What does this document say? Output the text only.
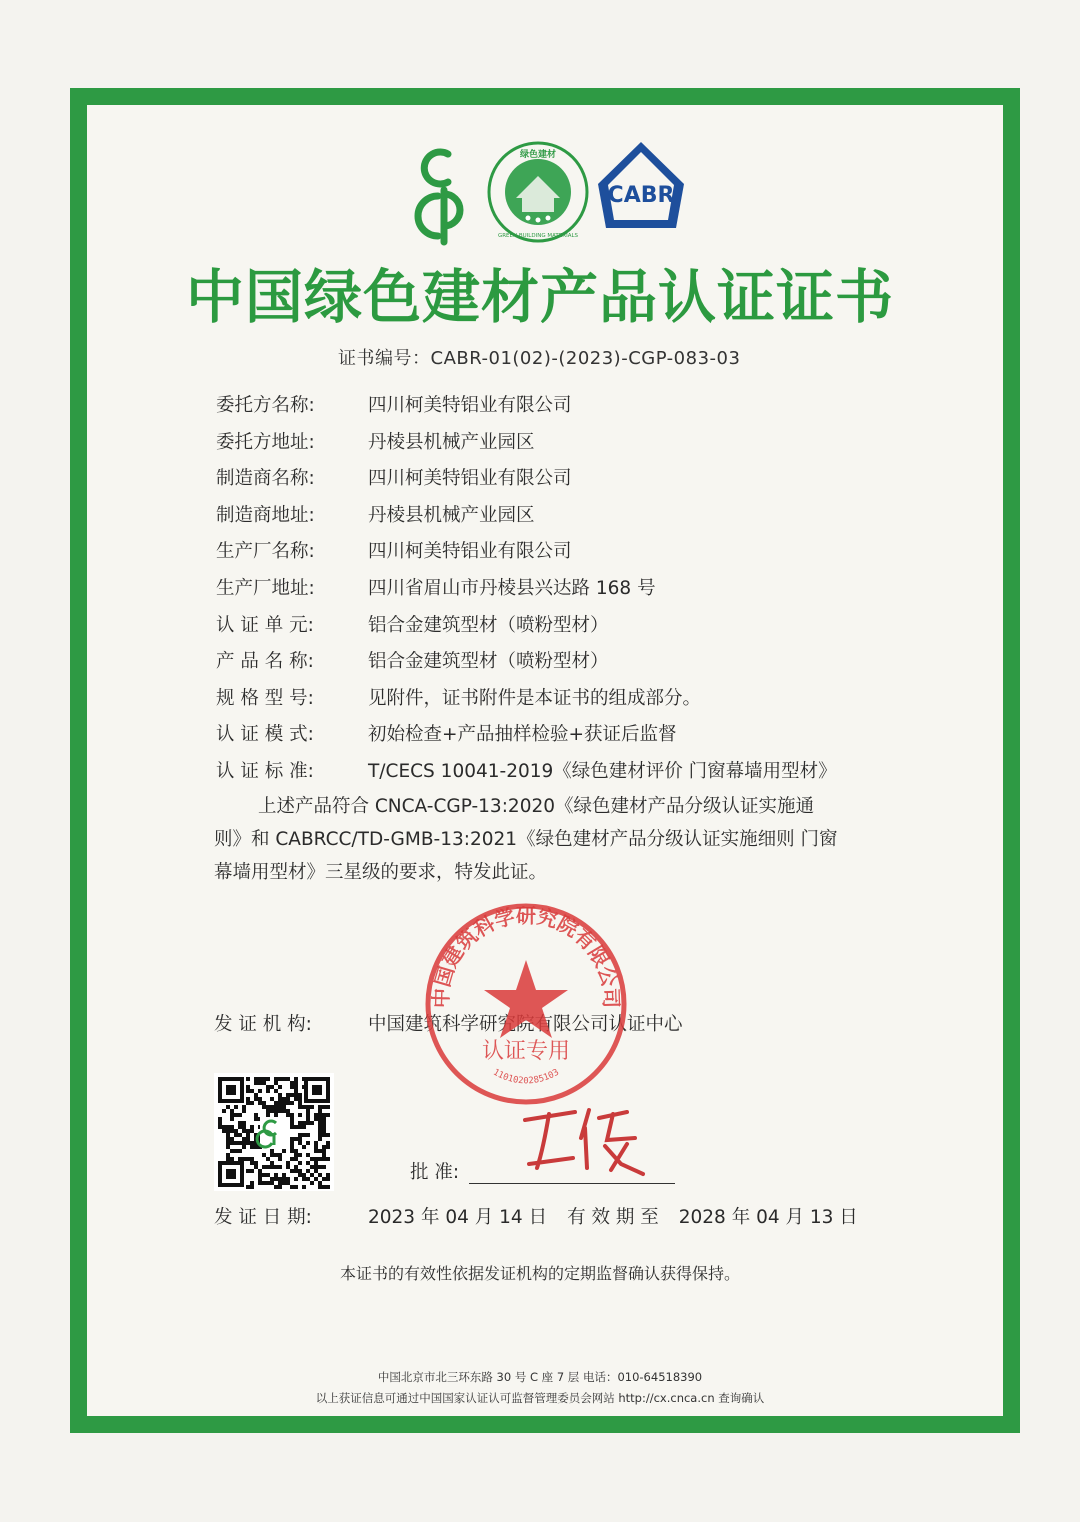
绿色建材
GREEN BUILDING MATERIALS
CABR
中国绿色建材产品认证证书
证书编号：CABR-01(02)-(2023)-CGP-083-03
委托方名称:	四川柯美特铝业有限公司
委托方地址:	丹棱县机械产业园区
制造商名称:	四川柯美特铝业有限公司
制造商地址:	丹棱县机械产业园区
生产厂名称:	四川柯美特铝业有限公司
生产厂地址:	四川省眉山市丹棱县兴达路 168 号
认 证 单 元:	铝合金建筑型材（喷粉型材）
产 品 名 称:	铝合金建筑型材（喷粉型材）
规 格 型 号:	见附件，证书附件是本证书的组成部分。
认 证 模 式:	初始检查+产品抽样检验+获证后监督
认 证 标 准:	T/CECS 10041-2019《绿色建材评价 门窗幕墙用型材》
上述产品符合 CNCA-CGP-13:2020《绿色建材产品分级认证实施通
则》和 CABRCC/TD-GMB-13:2021《绿色建材产品分级认证实施细则 门窗
幕墙用型材》三星级的要求，特发此证。
发 证 机 构:	中国建筑科学研究院有限公司认证中心
中国建筑科学研究院有限公司
认证专用
1101020285103
批 准:
发 证 日 期:	2023 年 04 月 14 日 有 效 期 至 2028 年 04 月 13 日
本证书的有效性依据发证机构的定期监督确认获得保持。
中国北京市北三环东路 30 号 C 座 7 层 电话：010-64518390
以上获证信息可通过中国国家认证认可监督管理委员会网站 http://cx.cnca.cn 查询确认
